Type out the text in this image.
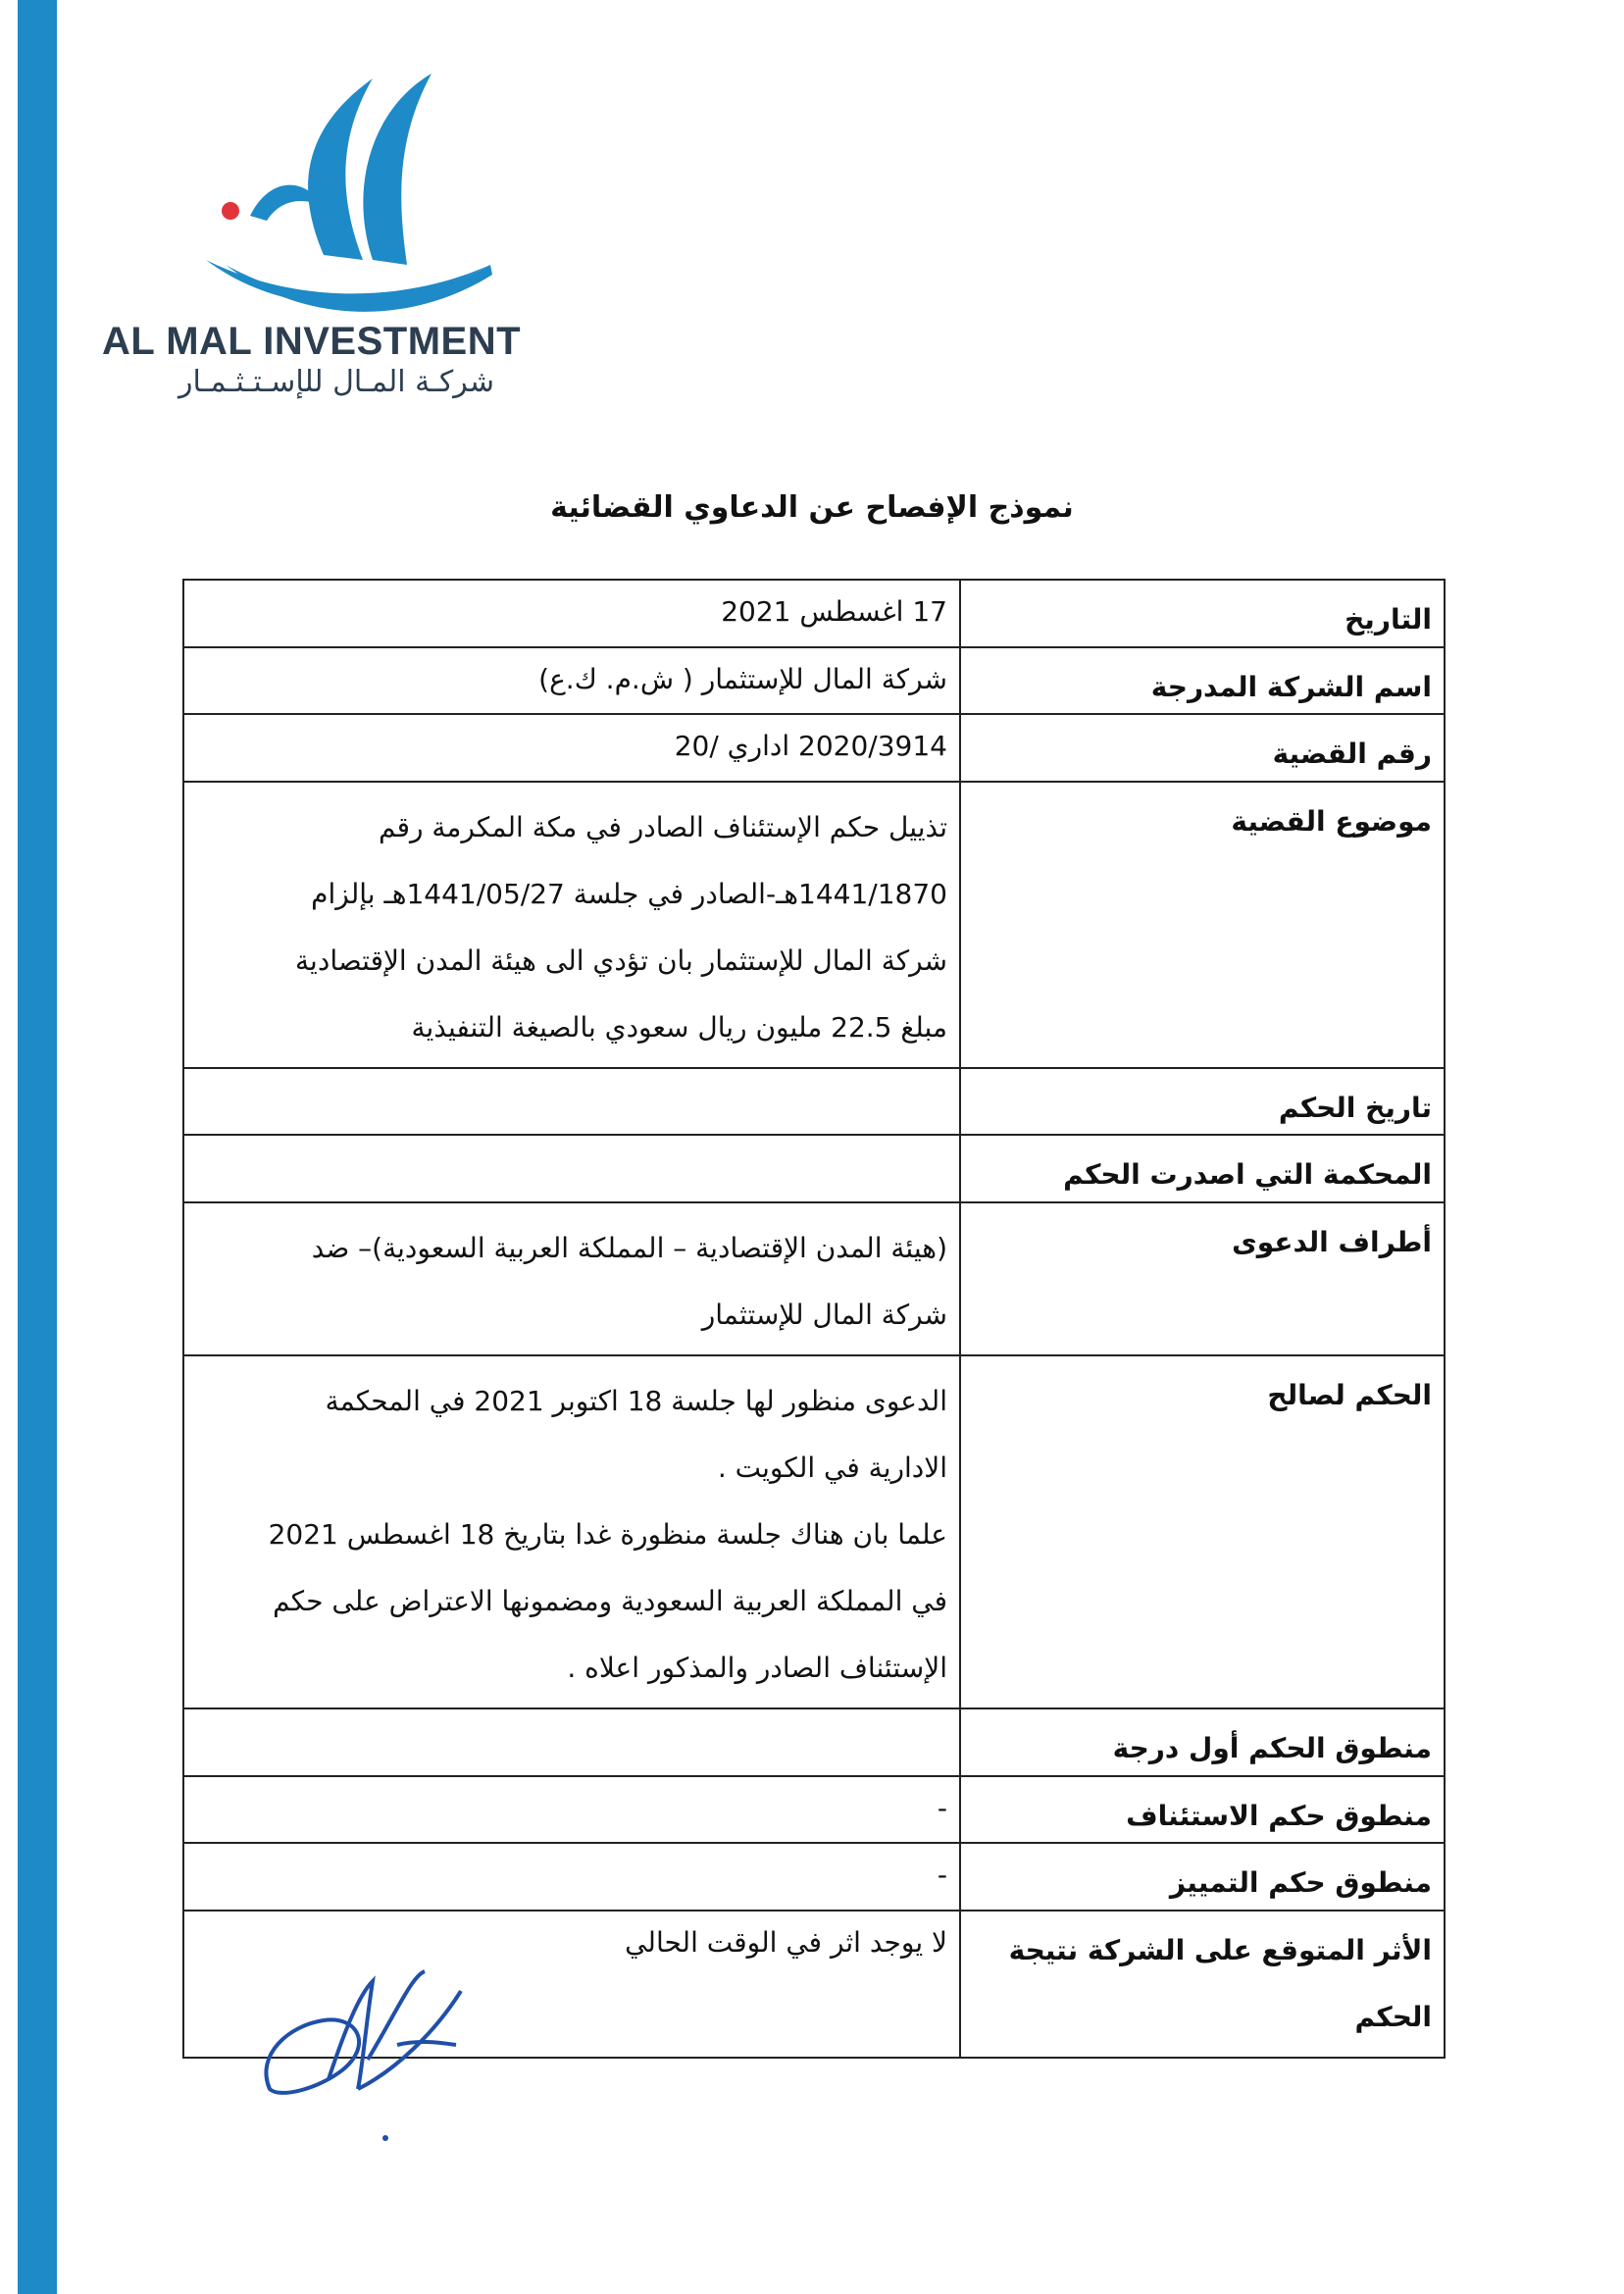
AL MAL INVESTMENT
شركـة المـال للإسـتـثـمـار
نموذج الإفصاح عن الدعاوي القضائية
التاريخ	17 اغسطس 2021
اسم الشركة المدرجة	شركة المال للإستثمار ( ش.م. ك.ع)
رقم القضية	2020/3914 اداري /20
موضوع القضية	تذييل حكم الإستئناف الصادر في مكة المكرمة رقم
1441/1870هـ-الصادر في جلسة 1441/05/27هـ بإلزام
شركة المال للإستثمار بان تؤدي الى هيئة المدن الإقتصادية
مبلغ 22.5 مليون ريال سعودي بالصيغة التنفيذية

تاريخ الحكم	
المحكمة التي اصدرت الحكم	
أطراف الدعوى	(هيئة المدن الإقتصادية – المملكة العربية السعودية)– ضد
شركة المال للإستثمار

الحكم لصالح	الدعوى منظور لها جلسة 18 اكتوبر 2021 في المحكمة
الادارية في الكويت .
علما بان هناك جلسة منظورة غدا بتاريخ 18 اغسطس 2021
في المملكة العربية السعودية ومضمونها الاعتراض على حكم
الإستئناف الصادر والمذكور اعلاه .

منطوق الحكم أول درجة	
منطوق حكم الاستئناف	-
منطوق حكم التمييز	-
الأثر المتوقع على الشركة نتيجة الحكم	لا يوجد اثر في الوقت الحالي
